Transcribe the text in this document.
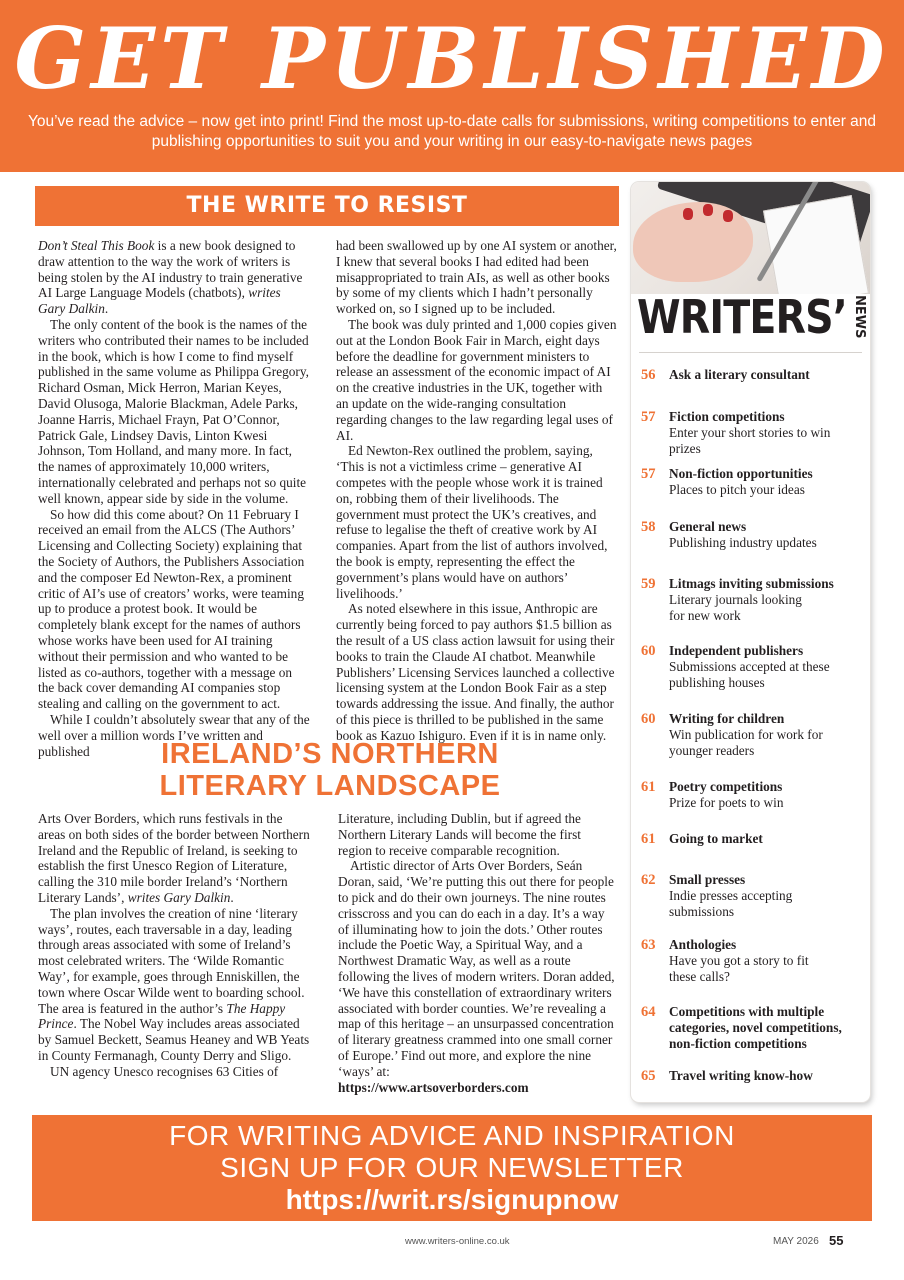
GET PUBLISHED
You’ve read the advice – now get into print! Find the most up-to-date calls for submissions, writing competitions to enter and publishing opportunities to suit you and your writing in our easy-to-navigate news pages
THE WRITE TO RESIST

Don’t Steal This Book is a new book designed to draw attention to the way the work of writers is being stolen by the AI industry to train generative AI Large Language Models (chatbots), writes Gary Dalkin.

The only content of the book is the names of the writers who contributed their names to be included in the book, which is how I come to find myself published in the same volume as Philippa Gregory, Richard Osman, Mick Herron, Marian Keyes, David Olusoga, Malorie Blackman, Adele Parks, Joanne Harris, Michael Frayn, Pat O’Connor, Patrick Gale, Lindsey Davis, Linton Kwesi Johnson, Tom Holland, and many more. In fact, the names of approximately 10,000 writers, internationally celebrated and perhaps not so quite well known, appear side by side in the volume.

So how did this come about? On 11 February I received an email from the ALCS (The Authors’ Licensing and Collecting Society) explaining that the Society of Authors, the Publishers Association and the composer Ed Newton-Rex, a prominent critic of AI’s use of creators’ works, were teaming up to produce a protest book. It would be completely blank except for the names of authors whose works have been used for AI training without their permission and who wanted to be listed as co-authors, together with a message on the back cover demanding AI companies stop stealing and calling on the government to act.

While I couldn’t absolutely swear that any of the well over a million words I’ve written and published

had been swallowed up by one AI system or another, I knew that several books I had edited had been misappropriated to train AIs, as well as other books by some of my clients which I hadn’t personally worked on, so I signed up to be included.

The book was duly printed and 1,000 copies given out at the London Book Fair in March, eight days before the deadline for government ministers to release an assessment of the economic impact of AI on the creative industries in the UK, together with an update on the wide-ranging consultation regarding changes to the law regarding legal uses of AI.

Ed Newton-Rex outlined the problem, saying, ‘This is not a victimless crime – generative AI competes with the people whose work it is trained on, robbing them of their livelihoods. The government must protect the UK’s creatives, and refuse to legalise the theft of creative work by AI companies. Apart from the list of authors involved, the book is empty, representing the effect the government’s plans would have on authors’ livelihoods.’

As noted elsewhere in this issue, Anthropic are currently being forced to pay authors $1.5 billion as the result of a US class action lawsuit for using their books to train the Claude AI chatbot. Meanwhile Publishers’ Licensing Services launched a collective licensing system at the London Book Fair as a step towards addressing the issue. And finally, the author of this piece is thrilled to be published in the same book as Kazuo Ishiguro. Even if it is in name only.

IRELAND’S NORTHERN
LITERARY LANDSCAPE

Arts Over Borders, which runs festivals in the areas on both sides of the border between Northern Ireland and the Republic of Ireland, is seeking to establish the first Unesco Region of Literature, calling the 310 mile border Ireland’s ‘Northern Literary Lands’, writes Gary Dalkin.

The plan involves the creation of nine ‘literary ways’, routes, each traversable in a day, leading through areas associated with some of Ireland’s most celebrated writers. The ‘Wilde Romantic Way’, for example, goes through Enniskillen, the town where Oscar Wilde went to boarding school. The area is featured in the author’s The Happy Prince. The Nobel Way includes areas associated by Samuel Beckett, Seamus Heaney and WB Yeats in County Fermanagh, County Derry and Sligo.

UN agency Unesco recognises 63 Cities of

Literature, including Dublin, but if agreed the Northern Literary Lands will become the first region to receive comparable recognition.

Artistic director of Arts Over Borders, Seán Doran, said, ‘We’re putting this out there for people to pick and do their own journeys. The nine routes crisscross and you can do each in a day. It’s a way of illuminating how to join the dots.’ Other routes include the Poetic Way, a Spiritual Way, and a Northwest Dramatic Way, as well as a route following the lives of modern writers. Doran added, ‘We have this constellation of extraordinary writers associated with border counties. We’re revealing a map of this heritage – an unsurpassed concentration of literary greatness crammed into one small corner of Europe.’ Find out more, and explore the nine ‘ways’ at:

https://www.artsoverborders.com

WRITERS’ NEWS
56	Ask a literary consultant
57	Fiction competitions
Enter your short stories to win prizes
57	Non-fiction opportunities
Places to pitch your ideas
58	General news
Publishing industry updates
59	Litmags inviting submissions
Literary journals looking for new work
60	Independent publishers
Submissions accepted at these publishing houses
60	Writing for children
Win publication for work for younger readers
61	Poetry competitions
Prize for poets to win
61	Going to market
62	Small presses
Indie presses accepting submissions
63	Anthologies
Have you got a story to fit these calls?
64	Competitions with multiple categories, novel competitions, non-fiction competitions
65	Travel writing know-how
FOR WRITING ADVICE AND INSPIRATION
SIGN UP FOR OUR NEWSLETTER
https://writ.rs/signupnow
www.writers-online.co.uk	MAY 2026 55
